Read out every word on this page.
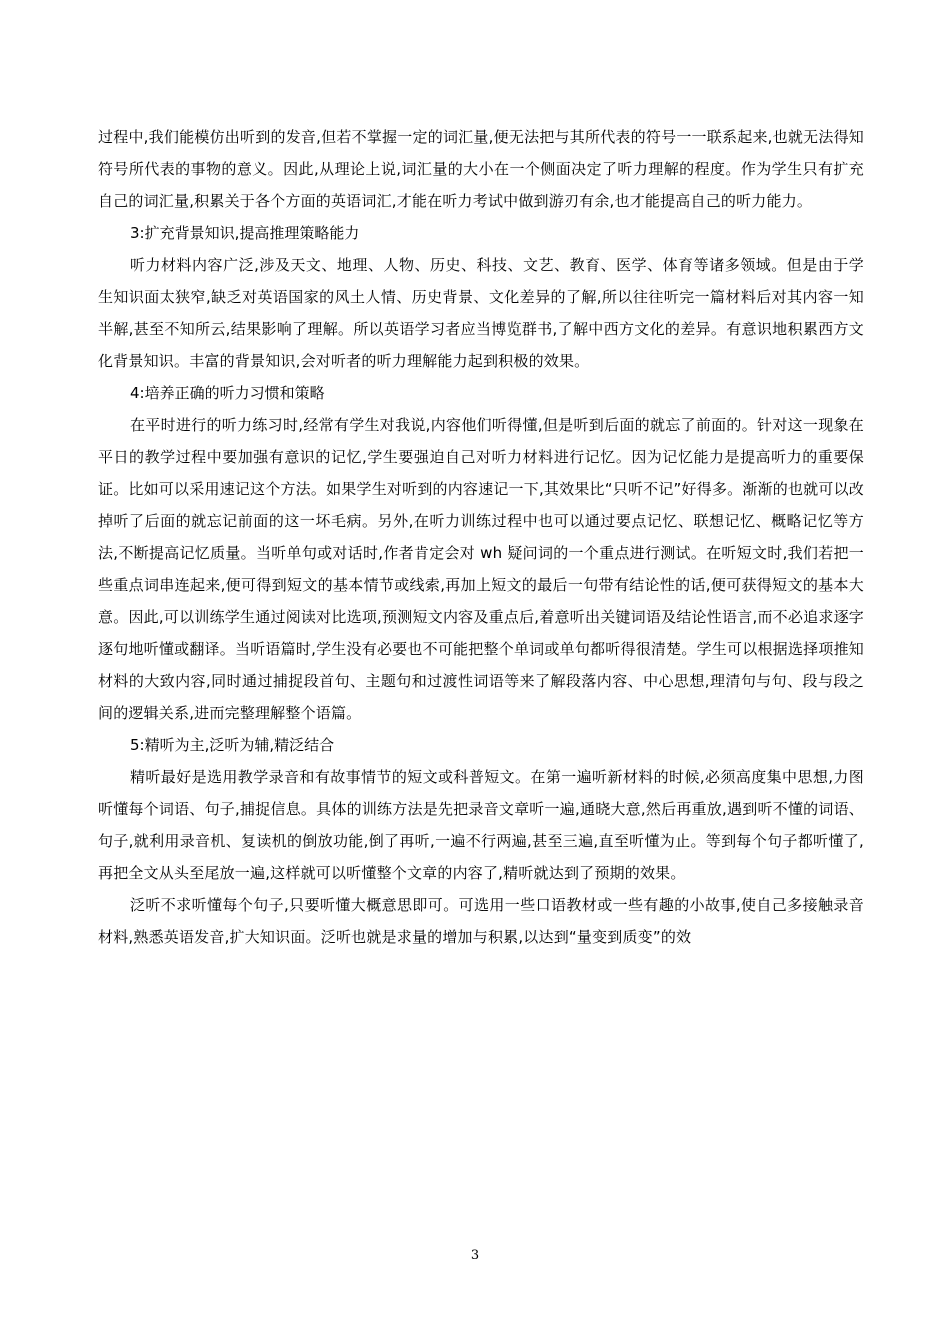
过程中,我们能模仿出听到的发音,但若不掌握一定的词汇量,便无法把与其所代表的符号一一联系起来,也就无法得知符号所代表的事物的意义。因此,从理论上说,词汇量的大小在一个侧面决定了听力理解的程度。作为学生只有扩充自己的词汇量,积累关于各个方面的英语词汇,才能在听力考试中做到游刃有余,也才能提高自己的听力能力。

3:扩充背景知识,提高推理策略能力

听力材料内容广泛,涉及天文、地理、人物、历史、科技、文艺、教育、医学、体育等诸多领域。但是由于学生知识面太狭窄,缺乏对英语国家的风土人情、历史背景、文化差异的了解,所以往往听完一篇材料后对其内容一知半解,甚至不知所云,结果影响了理解。所以英语学习者应当博览群书,了解中西方文化的差异。有意识地积累西方文化背景知识。丰富的背景知识,会对听者的听力理解能力起到积极的效果。

4:培养正确的听力习惯和策略

在平时进行的听力练习时,经常有学生对我说,内容他们听得懂,但是听到后面的就忘了前面的。针对这一现象在平日的教学过程中要加强有意识的记忆,学生要强迫自己对听力材料进行记忆。因为记忆能力是提高听力的重要保证。比如可以采用速记这个方法。如果学生对听到的内容速记一下,其效果比“只听不记”好得多。渐渐的也就可以改掉听了后面的就忘记前面的这一坏毛病。另外,在听力训练过程中也可以通过要点记忆、联想记忆、概略记忆等方法,不断提高记忆质量。当听单句或对话时,作者肯定会对 wh 疑问词的一个重点进行测试。在听短文时,我们若把一些重点词串连起来,便可得到短文的基本情节或线索,再加上短文的最后一句带有结论性的话,便可获得短文的基本大意。因此,可以训练学生通过阅读对比选项,预测短文内容及重点后,着意听出关键词语及结论性语言,而不必追求逐字逐句地听懂或翻译。当听语篇时,学生没有必要也不可能把整个单词或单句都听得很清楚。学生可以根据选择项推知材料的大致内容,同时通过捕捉段首句、主题句和过渡性词语等来了解段落内容、中心思想,理清句与句、段与段之间的逻辑关系,进而完整理解整个语篇。

5:精听为主,泛听为辅,精泛结合

精听最好是选用教学录音和有故事情节的短文或科普短文。在第一遍听新材料的时候,必须高度集中思想,力图听懂每个词语、句子,捕捉信息。具体的训练方法是先把录音文章听一遍,通晓大意,然后再重放,遇到听不懂的词语、句子,就利用录音机、复读机的倒放功能,倒了再听,一遍不行两遍,甚至三遍,直至听懂为止。等到每个句子都听懂了,再把全文从头至尾放一遍,这样就可以听懂整个文章的内容了,精听就达到了预期的效果。

泛听不求听懂每个句子,只要听懂大概意思即可。可选用一些口语教材或一些有趣的小故事,使自己多接触录音材料,熟悉英语发音,扩大知识面。泛听也就是求量的增加与积累,以达到“量变到质变”的效

3
